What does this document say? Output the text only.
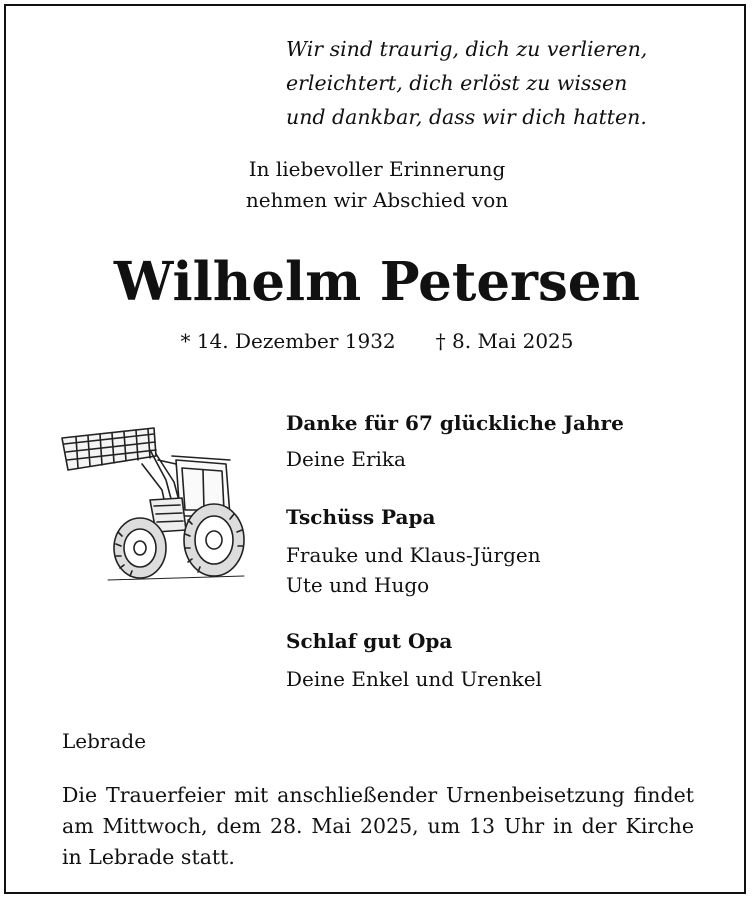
Wir sind traurig, dich zu verlieren,
erleichtert, dich erlöst zu wissen
und dankbar, dass wir dich hatten.
In liebevoller Erinnerung
nehmen wir Abschied von
Wilhelm Petersen
* 14. Dezember 1932 † 8. Mai 2025
Danke für 67 glückliche Jahre
Deine Erika
Tschüss Papa
Frauke und Klaus-Jürgen
Ute und Hugo
Schlaf gut Opa
Deine Enkel und Urenkel
Lebrade
Die Trauerfeier mit anschließender Urnenbeisetzung findet am Mittwoch, dem 28. Mai 2025, um 13 Uhr in der Kirche in Lebrade statt.
